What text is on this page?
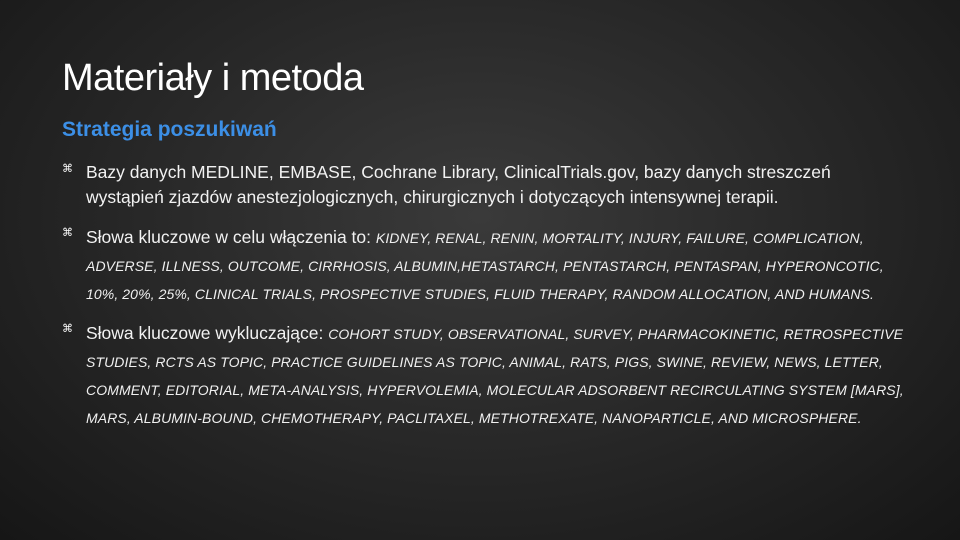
Materiały i metoda
Strategia poszukiwań
⌘ Bazy danych MEDLINE, EMBASE, Cochrane Library, ClinicalTrials.gov, bazy danych streszczeń wystąpień zjazdów anestezjologicznych, chirurgicznych i dotyczących intensywnej terapii.
⌘ Słowa kluczowe w celu włączenia to: KIDNEY, RENAL, RENIN, MORTALITY, INJURY, FAILURE, COMPLICATION, ADVERSE, ILLNESS, OUTCOME, CIRRHOSIS, ALBUMIN,HETASTARCH, PENTASTARCH, PENTASPAN, HYPERONCOTIC, 10%, 20%, 25%, CLINICAL TRIALS, PROSPECTIVE STUDIES, FLUID THERAPY, RANDOM ALLOCATION, AND HUMANS.
⌘ Słowa kluczowe wykluczające: COHORT STUDY, OBSERVATIONAL, SURVEY, PHARMACOKINETIC, RETROSPECTIVE STUDIES, RCTS AS TOPIC, PRACTICE GUIDELINES AS TOPIC, ANIMAL, RATS, PIGS, SWINE, REVIEW, NEWS, LETTER, COMMENT, EDITORIAL, META-ANALYSIS, HYPERVOLEMIA, MOLECULAR ADSORBENT RECIRCULATING SYSTEM [MARS], MARS, ALBUMIN-BOUND, CHEMOTHERAPY, PACLITAXEL, METHOTREXATE, NANOPARTICLE, AND MICROSPHERE.
